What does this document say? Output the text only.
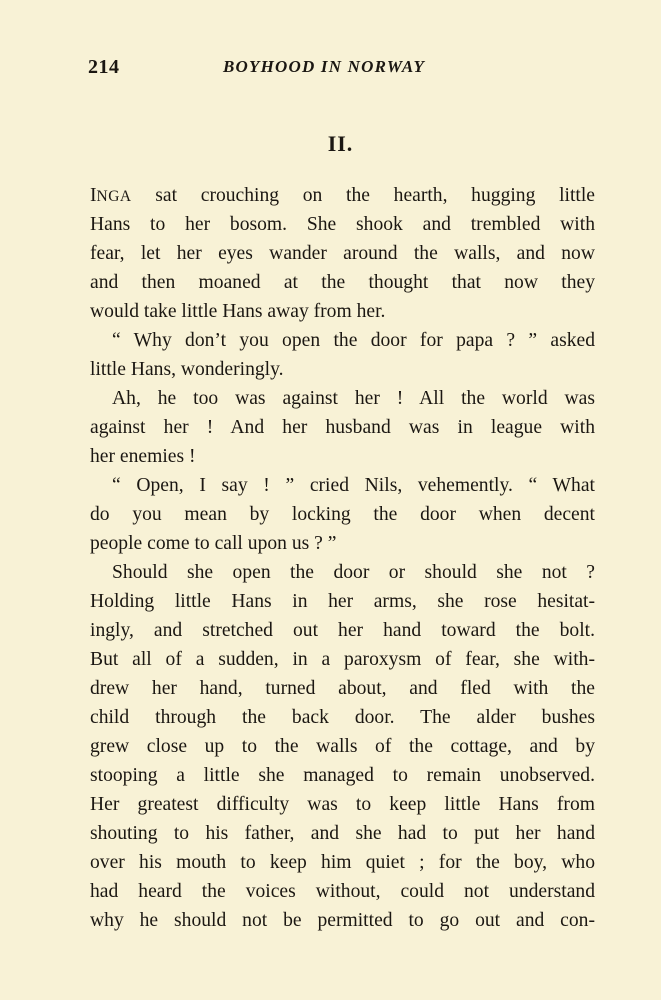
214	BOYHOOD IN NORWAY
II.
INGA sat crouching on the hearth, hugging little
Hans to her bosom. She shook and trembled with
fear, let her eyes wander around the walls, and now
and then moaned at the thought that now they
would take little Hans away from her.
“ Why don’t you open the door for papa ? ” asked
little Hans, wonderingly.
Ah, he too was against her ! All the world was
against her ! And her husband was in league with
her enemies !
“ Open, I say ! ” cried Nils, vehemently. “ What
do you mean by locking the door when decent
people come to call upon us ? ”
Should she open the door or should she not ?
Holding little Hans in her arms, she rose hesitat-
ingly, and stretched out her hand toward the bolt.
But all of a sudden, in a paroxysm of fear, she with-
drew her hand, turned about, and fled with the
child through the back door. The alder bushes
grew close up to the walls of the cottage, and by
stooping a little she managed to remain unobserved.
Her greatest difficulty was to keep little Hans from
shouting to his father, and she had to put her hand
over his mouth to keep him quiet ; for the boy, who
had heard the voices without, could not understand
why he should not be permitted to go out and con-
